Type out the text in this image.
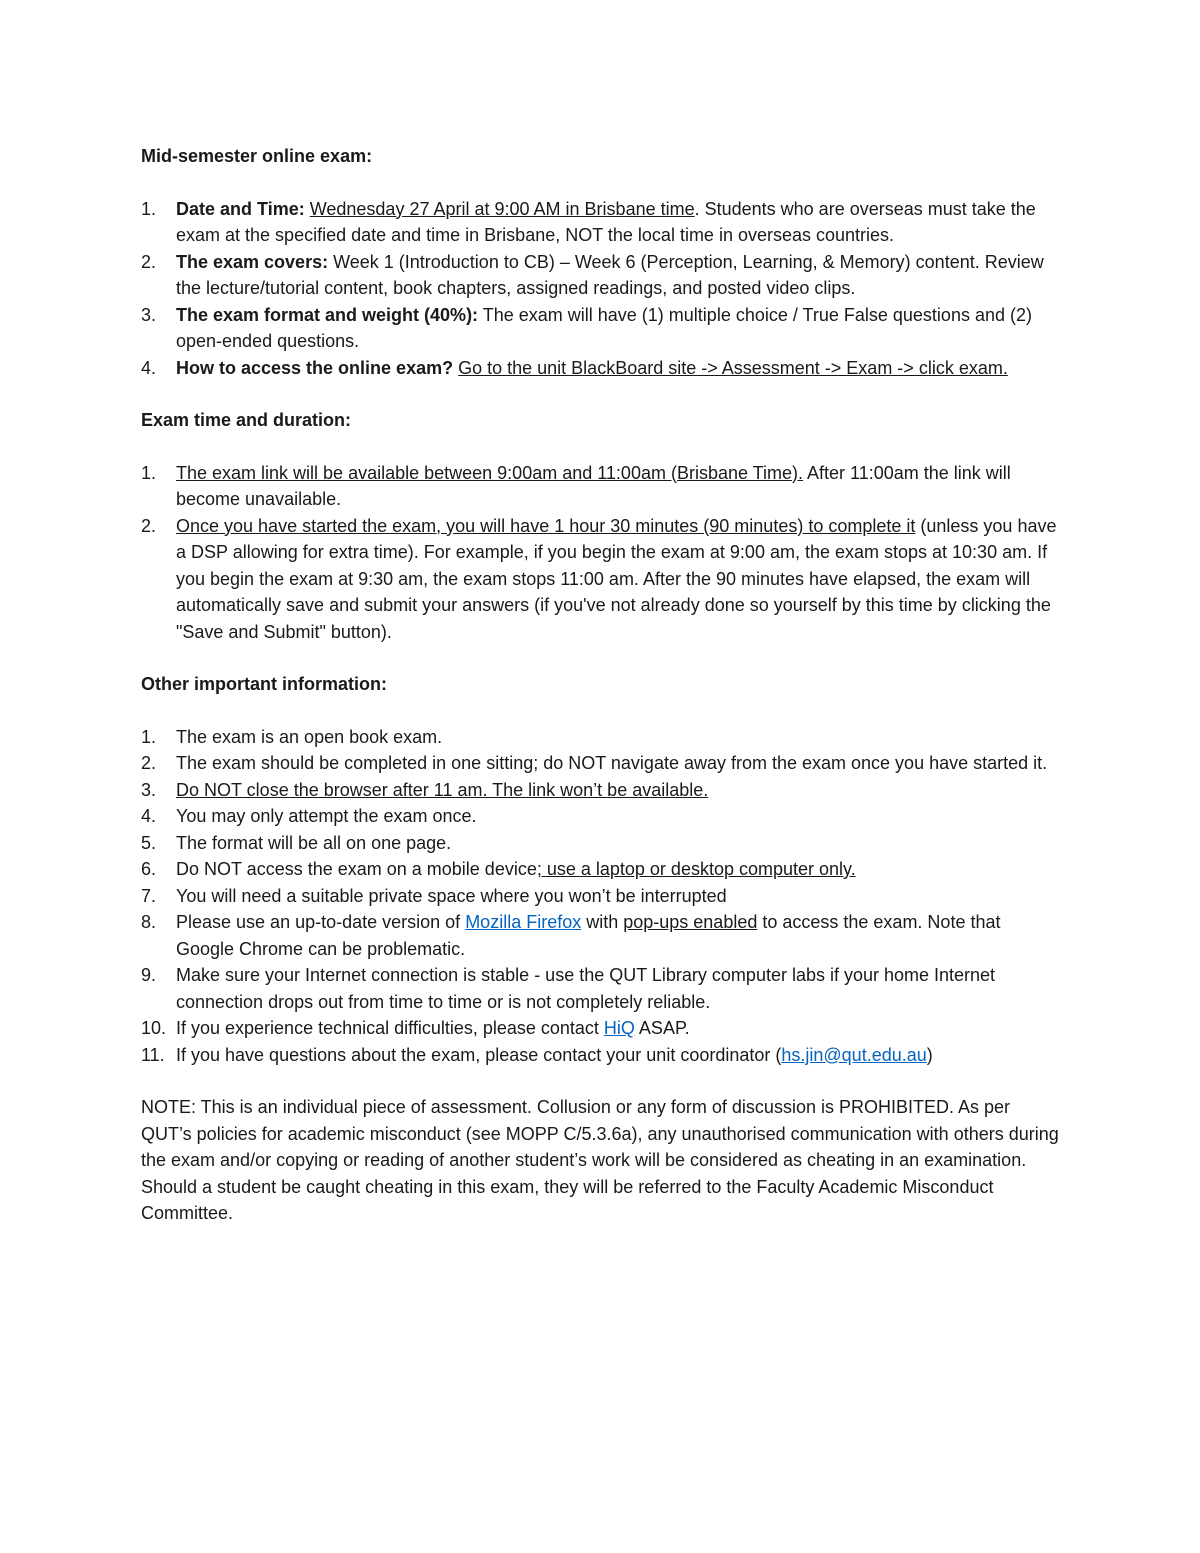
Mid-semester online exam:

1. Date and Time: Wednesday 27 April at 9:00 AM in Brisbane time. Students who are overseas must take the exam at the specified date and time in Brisbane, NOT the local time in overseas countries.
2. The exam covers: Week 1 (Introduction to CB) – Week 6 (Perception, Learning, & Memory) content. Review the lecture/tutorial content, book chapters, assigned readings, and posted video clips.
3. The exam format and weight (40%): The exam will have (1) multiple choice / True False questions and (2) open-ended questions.
4. How to access the online exam? Go to the unit BlackBoard site -> Assessment -> Exam -> click exam.

Exam time and duration:

1. The exam link will be available between 9:00am and 11:00am (Brisbane Time). After 11:00am the link will become unavailable.
2. Once you have started the exam, you will have 1 hour 30 minutes (90 minutes) to complete it (unless you have a DSP allowing for extra time). For example, if you begin the exam at 9:00 am, the exam stops at 10:30 am. If you begin the exam at 9:30 am, the exam stops 11:00 am. After the 90 minutes have elapsed, the exam will automatically save and submit your answers (if you've not already done so yourself by this time by clicking the "Save and Submit" button).

Other important information:

1. The exam is an open book exam.
2. The exam should be completed in one sitting; do NOT navigate away from the exam once you have started it.
3. Do NOT close the browser after 11 am. The link won’t be available.
4. You may only attempt the exam once.
5. The format will be all on one page.
6. Do NOT access the exam on a mobile device; use a laptop or desktop computer only.
7. You will need a suitable private space where you won’t be interrupted
8. Please use an up-to-date version of Mozilla Firefox with pop-ups enabled to access the exam. Note that Google Chrome can be problematic.
9. Make sure your Internet connection is stable - use the QUT Library computer labs if your home Internet connection drops out from time to time or is not completely reliable.
10. If you experience technical difficulties, please contact HiQ ASAP.
11. If you have questions about the exam, please contact your unit coordinator (hs.jin@qut.edu.au)

NOTE: This is an individual piece of assessment. Collusion or any form of discussion is PROHIBITED. As per QUT’s policies for academic misconduct (see MOPP C/5.3.6a), any unauthorised communication with others during the exam and/or copying or reading of another student’s work will be considered as cheating in an examination. Should a student be caught cheating in this exam, they will be referred to the Faculty Academic Misconduct Committee.
